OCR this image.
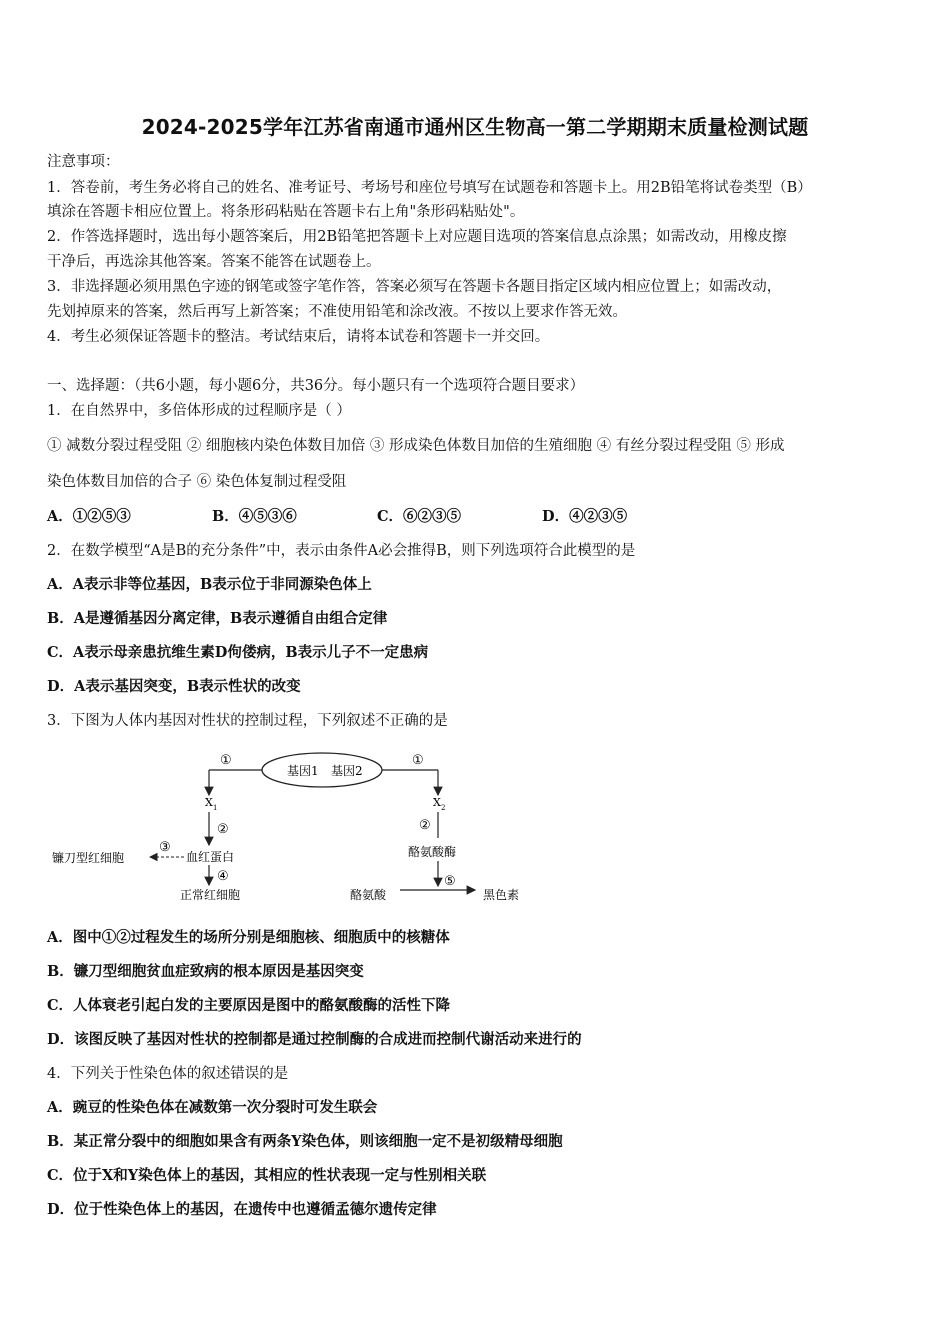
2024-2025学年江苏省南通市通州区生物高一第二学期期末质量检测试题
注意事项：
1．答卷前，考生务必将自己的姓名、准考证号、考场号和座位号填写在试题卷和答题卡上。用2B铅笔将试卷类型（B）
填涂在答题卡相应位置上。将条形码粘贴在答题卡右上角"条形码粘贴处"。
2．作答选择题时，选出每小题答案后，用2B铅笔把答题卡上对应题目选项的答案信息点涂黑；如需改动，用橡皮擦
干净后，再选涂其他答案。答案不能答在试题卷上。
3．非选择题必须用黑色字迹的钢笔或签字笔作答，答案必须写在答题卡各题目指定区域内相应位置上；如需改动，
先划掉原来的答案，然后再写上新答案；不准使用铅笔和涂改液。不按以上要求作答无效。
4．考生必须保证答题卡的整洁。考试结束后，请将本试卷和答题卡一并交回。
一、选择题：（共6小题，每小题6分，共36分。每小题只有一个选项符合题目要求）
1．在自然界中，多倍体形成的过程顺序是（ ）
① 减数分裂过程受阻 ② 细胞核内染色体数目加倍 ③ 形成染色体数目加倍的生殖细胞 ④ 有丝分裂过程受阻 ⑤ 形成
染色体数目加倍的合子 ⑥ 染色体复制过程受阻
A．①②⑤③	B．④⑤③⑥	C．⑥②③⑤	D．④②③⑤
2．在数学模型“A是B的充分条件”中，表示由条件A必会推得B，则下列选项符合此模型的是
A．A表示非等位基因，B表示位于非同源染色体上
B．A是遵循基因分离定律，B表示遵循自由组合定律
C．A表示母亲患抗维生素D佝偻病，B表示儿子不一定患病
D．A表示基因突变，B表示性状的改变
3．下图为人体内基因对性状的控制过程，下列叙述不正确的是
基因1 基因2
①
X 1
②
血红蛋白
③
镰刀型红细胞
④
正常红细胞
①
X 2
②
酪氨酸酶
酪氨酸
⑤
黑色素
A．图中①②过程发生的场所分别是细胞核、细胞质中的核糖体
B．镰刀型细胞贫血症致病的根本原因是基因突变
C．人体衰老引起白发的主要原因是图中的酪氨酸酶的活性下降
D．该图反映了基因对性状的控制都是通过控制酶的合成进而控制代谢活动来进行的
4．下列关于性染色体的叙述错误的是
A．豌豆的性染色体在减数第一次分裂时可发生联会
B．某正常分裂中的细胞如果含有两条Y染色体，则该细胞一定不是初级精母细胞
C．位于X和Y染色体上的基因，其相应的性状表现一定与性别相关联
D．位于性染色体上的基因，在遗传中也遵循孟德尔遗传定律
